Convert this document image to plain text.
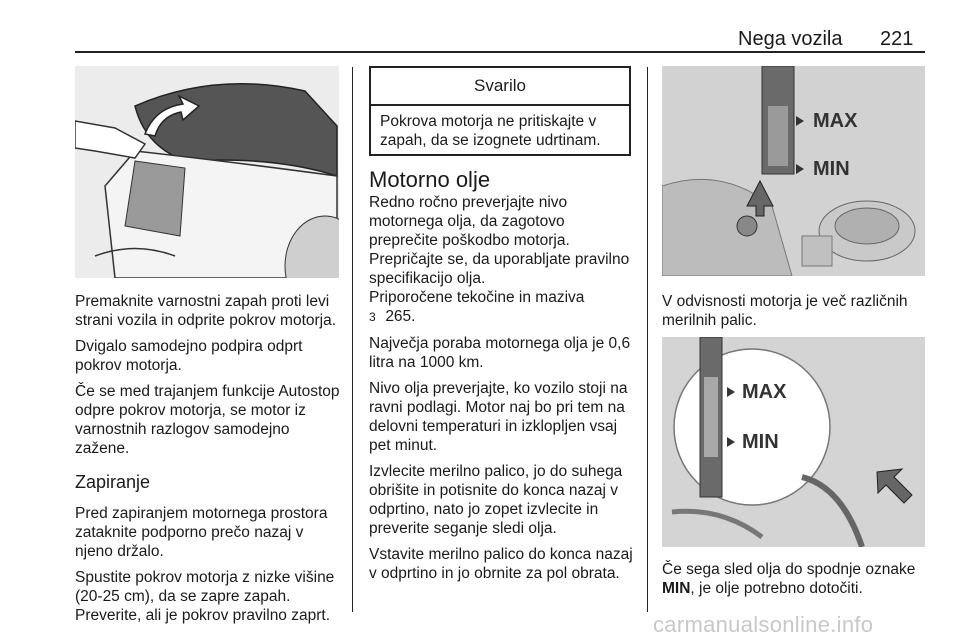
Nega vozila 221

Premaknite varnostni zapah proti levi strani vozila in odprite pokrov motorja.

Dvigalo samodejno podpira odprt pokrov motorja.

Če se med trajanjem funkcije Autostop odpre pokrov motorja, se motor iz varnostnih razlogov samodejno zažene.

Zapiranje

Pred zapiranjem motornega prostora zataknite podporno prečo nazaj v njeno držalo.

Spustite pokrov motorja z nizke višine (20-25 cm), da se zapre zapah. Preverite, ali je pokrov pravilno zaprt.

Svarilo
Pokrova motorja ne pritiskajte v zapah, da se izognete udrtinam.

Motorno olje

Redno ročno preverjajte nivo motornega olja, da zagotovo preprečite poškodbo motorja.
Prepričajte se, da uporabljate pravilno specifikacijo olja.
Priporočene tekočine in maziva

3 265.

Največja poraba motornega olja je 0,6 litra na 1000 km.

Nivo olja preverjajte, ko vozilo stoji na ravni podlagi. Motor naj bo pri tem na delovni temperaturi in izklopljen vsaj pet minut.

Izvlecite merilno palico, jo do suhega obrišite in potisnite do konca nazaj v odprtino, nato jo zopet izvlecite in preverite seganje sledi olja.

Vstavite merilno palico do konca nazaj v odprtino in jo obrnite za pol obrata.

MAX
MIN
V odvisnosti motorja je več različnih merilnih palic.
MAX
MIN
Če sega sled olja do spodnje oznake MIN, je olje potrebno dotočiti.
carmanualsonline.info
